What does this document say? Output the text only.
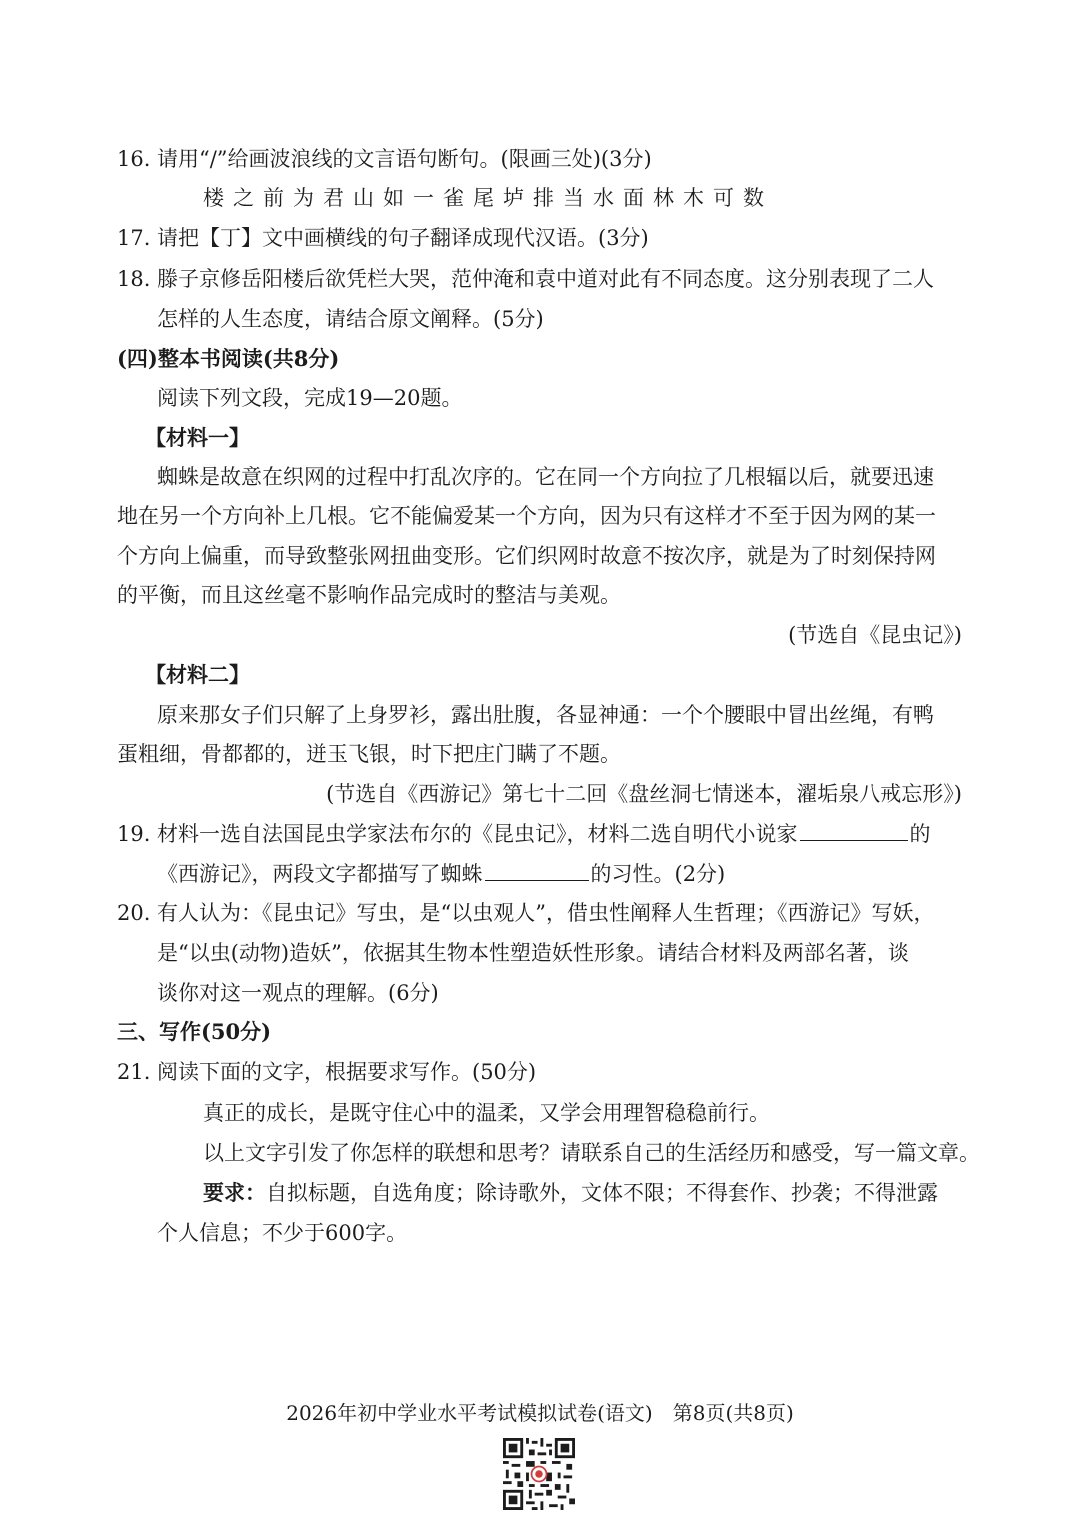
16. 请用“/”给画波浪线的文言语句断句。(限画三处)(3分)
楼之前为君山如一雀尾垆排当水面林木可数
17. 请把【丁】文中画横线的句子翻译成现代汉语。(3分)
18. 滕子京修岳阳楼后欲凭栏大哭，范仲淹和袁中道对此有不同态度。这分别表现了二人
怎样的人生态度，请结合原文阐释。(5分)
(四)整本书阅读(共8分)
阅读下列文段，完成19—20题。
【材料一】
蜘蛛是故意在织网的过程中打乱次序的。它在同一个方向拉了几根辐以后，就要迅速
地在另一个方向补上几根。它不能偏爱某一个方向，因为只有这样才不至于因为网的某一
个方向上偏重，而导致整张网扭曲变形。它们织网时故意不按次序，就是为了时刻保持网
的平衡，而且这丝毫不影响作品完成时的整洁与美观。
(节选自《昆虫记》)
【材料二】
原来那女子们只解了上身罗衫，露出肚腹，各显神通：一个个腰眼中冒出丝绳，有鸭
蛋粗细，骨都都的，迸玉飞银，时下把庄门瞒了不题。
(节选自《西游记》第七十二回《盘丝洞七情迷本，濯垢泉八戒忘形》)
19. 材料一选自法国昆虫学家法布尔的《昆虫记》，材料二选自明代小说家	的
《西游记》，两段文字都描写了蜘蛛	的习性。(2分)
20. 有人认为：《昆虫记》写虫，是“以虫观人”，借虫性阐释人生哲理；《西游记》写妖，
是“以虫(动物)造妖”，依据其生物本性塑造妖性形象。请结合材料及两部名著，谈
谈你对这一观点的理解。(6分)
三、写作(50分)
21. 阅读下面的文字，根据要求写作。(50分)
真正的成长，是既守住心中的温柔，又学会用理智稳稳前行。
以上文字引发了你怎样的联想和思考？请联系自己的生活经历和感受，写一篇文章。
要求：自拟标题，自选角度；除诗歌外，文体不限；不得套作、抄袭；不得泄露
个人信息；不少于600字。
2026年初中学业水平考试模拟试卷(语文)　第8页(共8页)
